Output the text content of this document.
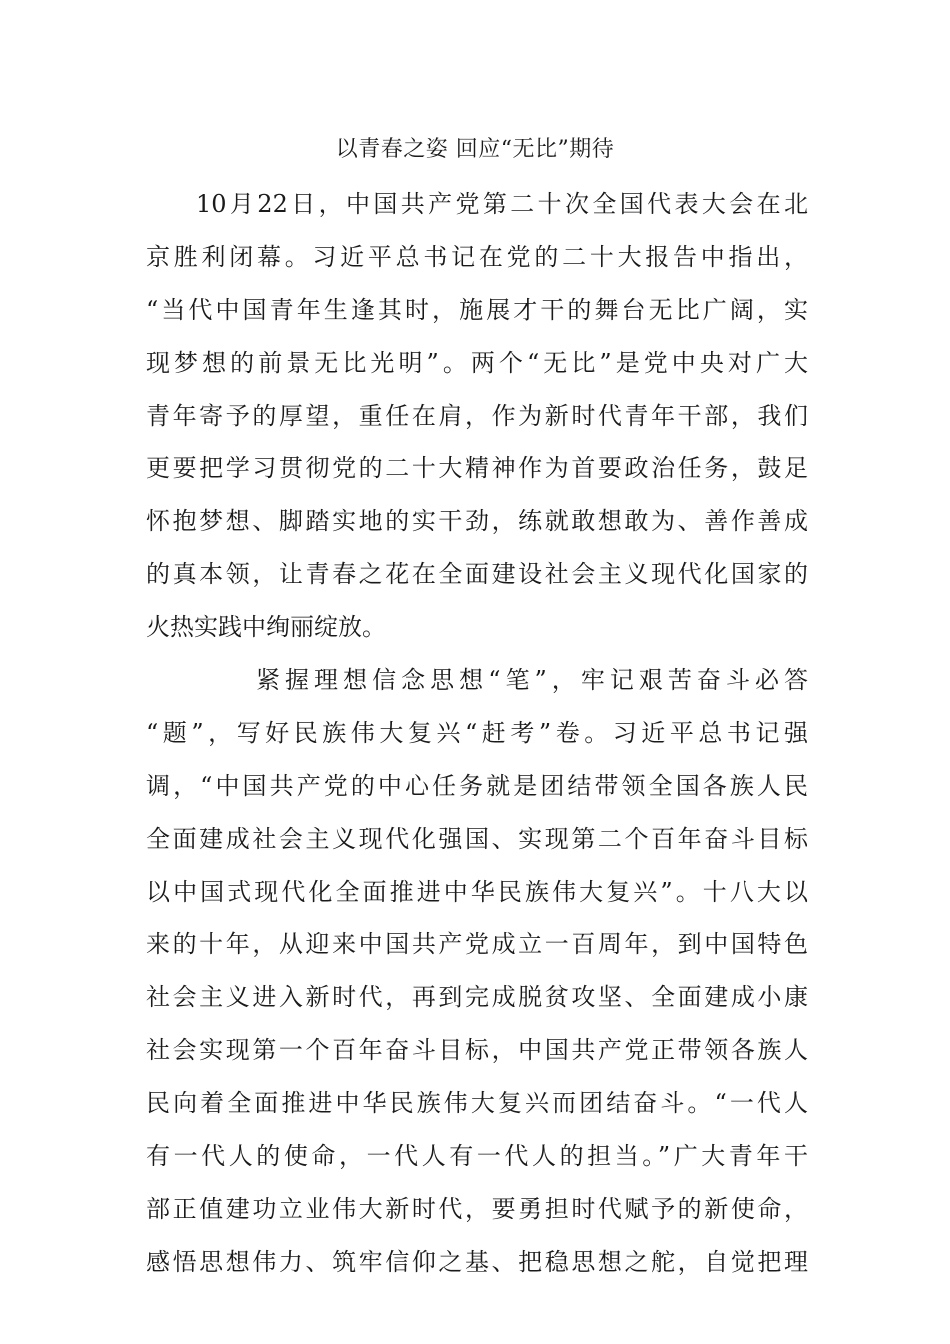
以青春之姿 回应“无比”期待
10月22日，中国共产党第二十次全国代表大会在北
京胜利闭幕。习近平总书记在党的二十大报告中指出，
“当代中国青年生逢其时，施展才干的舞台无比广阔，实
现梦想的前景无比光明”。两个“无比”是党中央对广大
青年寄予的厚望，重任在肩，作为新时代青年干部，我们
更要把学习贯彻党的二十大精神作为首要政治任务，鼓足
怀抱梦想、脚踏实地的实干劲，练就敢想敢为、善作善成
的真本领，让青春之花在全面建设社会主义现代化国家的
火热实践中绚丽绽放。
紧握理想信念思想“笔”，牢记艰苦奋斗必答
“题”，写好民族伟大复兴“赶考”卷。习近平总书记强
调，“中国共产党的中心任务就是团结带领全国各族人民
全面建成社会主义现代化强国、实现第二个百年奋斗目标
以中国式现代化全面推进中华民族伟大复兴”。十八大以
来的十年，从迎来中国共产党成立一百周年，到中国特色
社会主义进入新时代，再到完成脱贫攻坚、全面建成小康
社会实现第一个百年奋斗目标，中国共产党正带领各族人
民向着全面推进中华民族伟大复兴而团结奋斗。“一代人
有一代人的使命，一代人有一代人的担当。”广大青年干
部正值建功立业伟大新时代，要勇担时代赋予的新使命，
感悟思想伟力、筑牢信仰之基、把稳思想之舵，自觉把理
